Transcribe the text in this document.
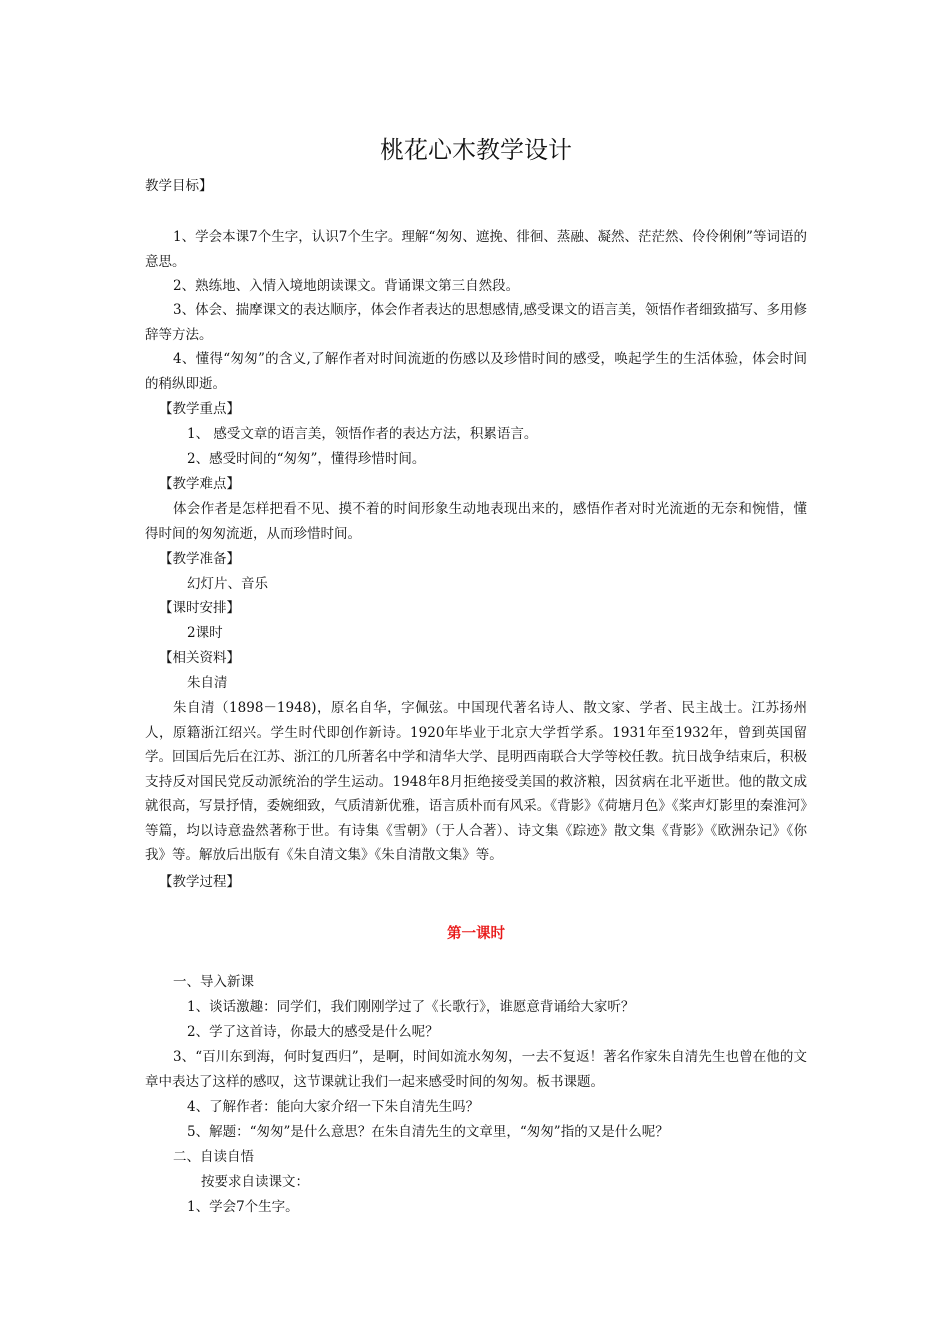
桃花心木教学设计
教学目标】
1、学会本课7个生字，认识7个生字。理解“匆匆、遮挽、徘徊、蒸融、凝然、茫茫然、伶伶俐俐”等词语的意思。
2、熟练地、入情入境地朗读课文。背诵课文第三自然段。
3、体会、揣摩课文的表达顺序，体会作者表达的思想感情,感受课文的语言美，领悟作者细致描写、多用修辞等方法。
4、懂得“匆匆”的含义,了解作者对时间流逝的伤感以及珍惜时间的感受，唤起学生的生活体验，体会时间的稍纵即逝。
【教学重点】
1、 感受文章的语言美，领悟作者的表达方法，积累语言。
2、感受时间的“匆匆”，懂得珍惜时间。
【教学难点】
体会作者是怎样把看不见、摸不着的时间形象生动地表现出来的，感悟作者对时光流逝的无奈和惋惜，懂得时间的匆匆流逝，从而珍惜时间。
【教学准备】
幻灯片、音乐
【课时安排】
2课时
【相关资料】
朱自清
朱自清（1898－1948)，原名自华，字佩弦。中国现代著名诗人、散文家、学者、民主战士。江苏扬州人，原籍浙江绍兴。学生时代即创作新诗。1920年毕业于北京大学哲学系。1931年至1932年，曾到英国留学。回国后先后在江苏、浙江的几所著名中学和清华大学、昆明西南联合大学等校任教。抗日战争结束后，积极支持反对国民党反动派统治的学生运动。1948年8月拒绝接受美国的救济粮，因贫病在北平逝世。他的散文成就很高，写景抒情，委婉细致，气质清新优雅，语言质朴而有风采。《背影》《荷塘月色》《桨声灯影里的秦淮河》等篇，均以诗意盎然著称于世。有诗集《雪朝》（于人合著）、诗文集《踪迹》散文集《背影》《欧洲杂记》《你我》等。解放后出版有《朱自清文集》《朱自清散文集》等。
【教学过程】
第一课时
一、导入新课
1、谈话激趣：同学们，我们刚刚学过了《长歌行》，谁愿意背诵给大家听？
2、学了这首诗，你最大的感受是什么呢？
3、“百川东到海，何时复西归”，是啊，时间如流水匆匆，一去不复返！著名作家朱自清先生也曾在他的文章中表达了这样的感叹，这节课就让我们一起来感受时间的匆匆。板书课题。
4、了解作者：能向大家介绍一下朱自清先生吗？
5、解题：“匆匆”是什么意思？在朱自清先生的文章里，“匆匆”指的又是什么呢？
二、自读自悟
按要求自读课文：
1、学会7个生字。
